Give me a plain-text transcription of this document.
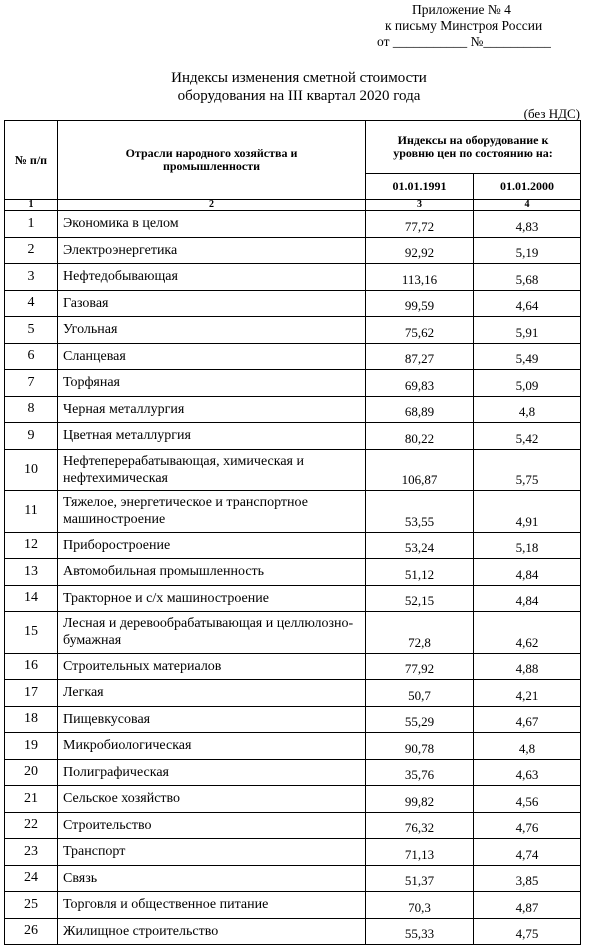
Приложение № 4
к письму Минстроя России
от ___________ №__________
Индексы изменения сметной стоимости
оборудования на III квартал 2020 года
(без НДС)
№ п/п	Отрасли народного хозяйства и промышленности	Индексы на оборудование к уровню цен по состоянию на:	
		01.01.1991	01.01.2000
1	2	3	4
1	Экономика в целом	77,72	4,83
2	Электроэнергетика	92,92	5,19
3	Нефтедобывающая	113,16	5,68
4	Газовая	99,59	4,64
5	Угольная	75,62	5,91
6	Сланцевая	87,27	5,49
7	Торфяная	69,83	5,09
8	Черная металлургия	68,89	4,8
9	Цветная металлургия	80,22	5,42
10	Нефтеперерабатывающая, химическая и нефтехимическая	106,87	5,75
11	Тяжелое, энергетическое и транспортное машиностроение	53,55	4,91
12	Приборостроение	53,24	5,18
13	Автомобильная промышленность	51,12	4,84
14	Тракторное и с/х машиностроение	52,15	4,84
15	Лесная и деревообрабатывающая и целлюлозно-бумажная	72,8	4,62
16	Строительных материалов	77,92	4,88
17	Легкая	50,7	4,21
18	Пищевкусовая	55,29	4,67
19	Микробиологическая	90,78	4,8
20	Полиграфическая	35,76	4,63
21	Сельское хозяйство	99,82	4,56
22	Строительство	76,32	4,76
23	Транспорт	71,13	4,74
24	Связь	51,37	3,85
25	Торговля и общественное питание	70,3	4,87
26	Жилищное строительство	55,33	4,75
